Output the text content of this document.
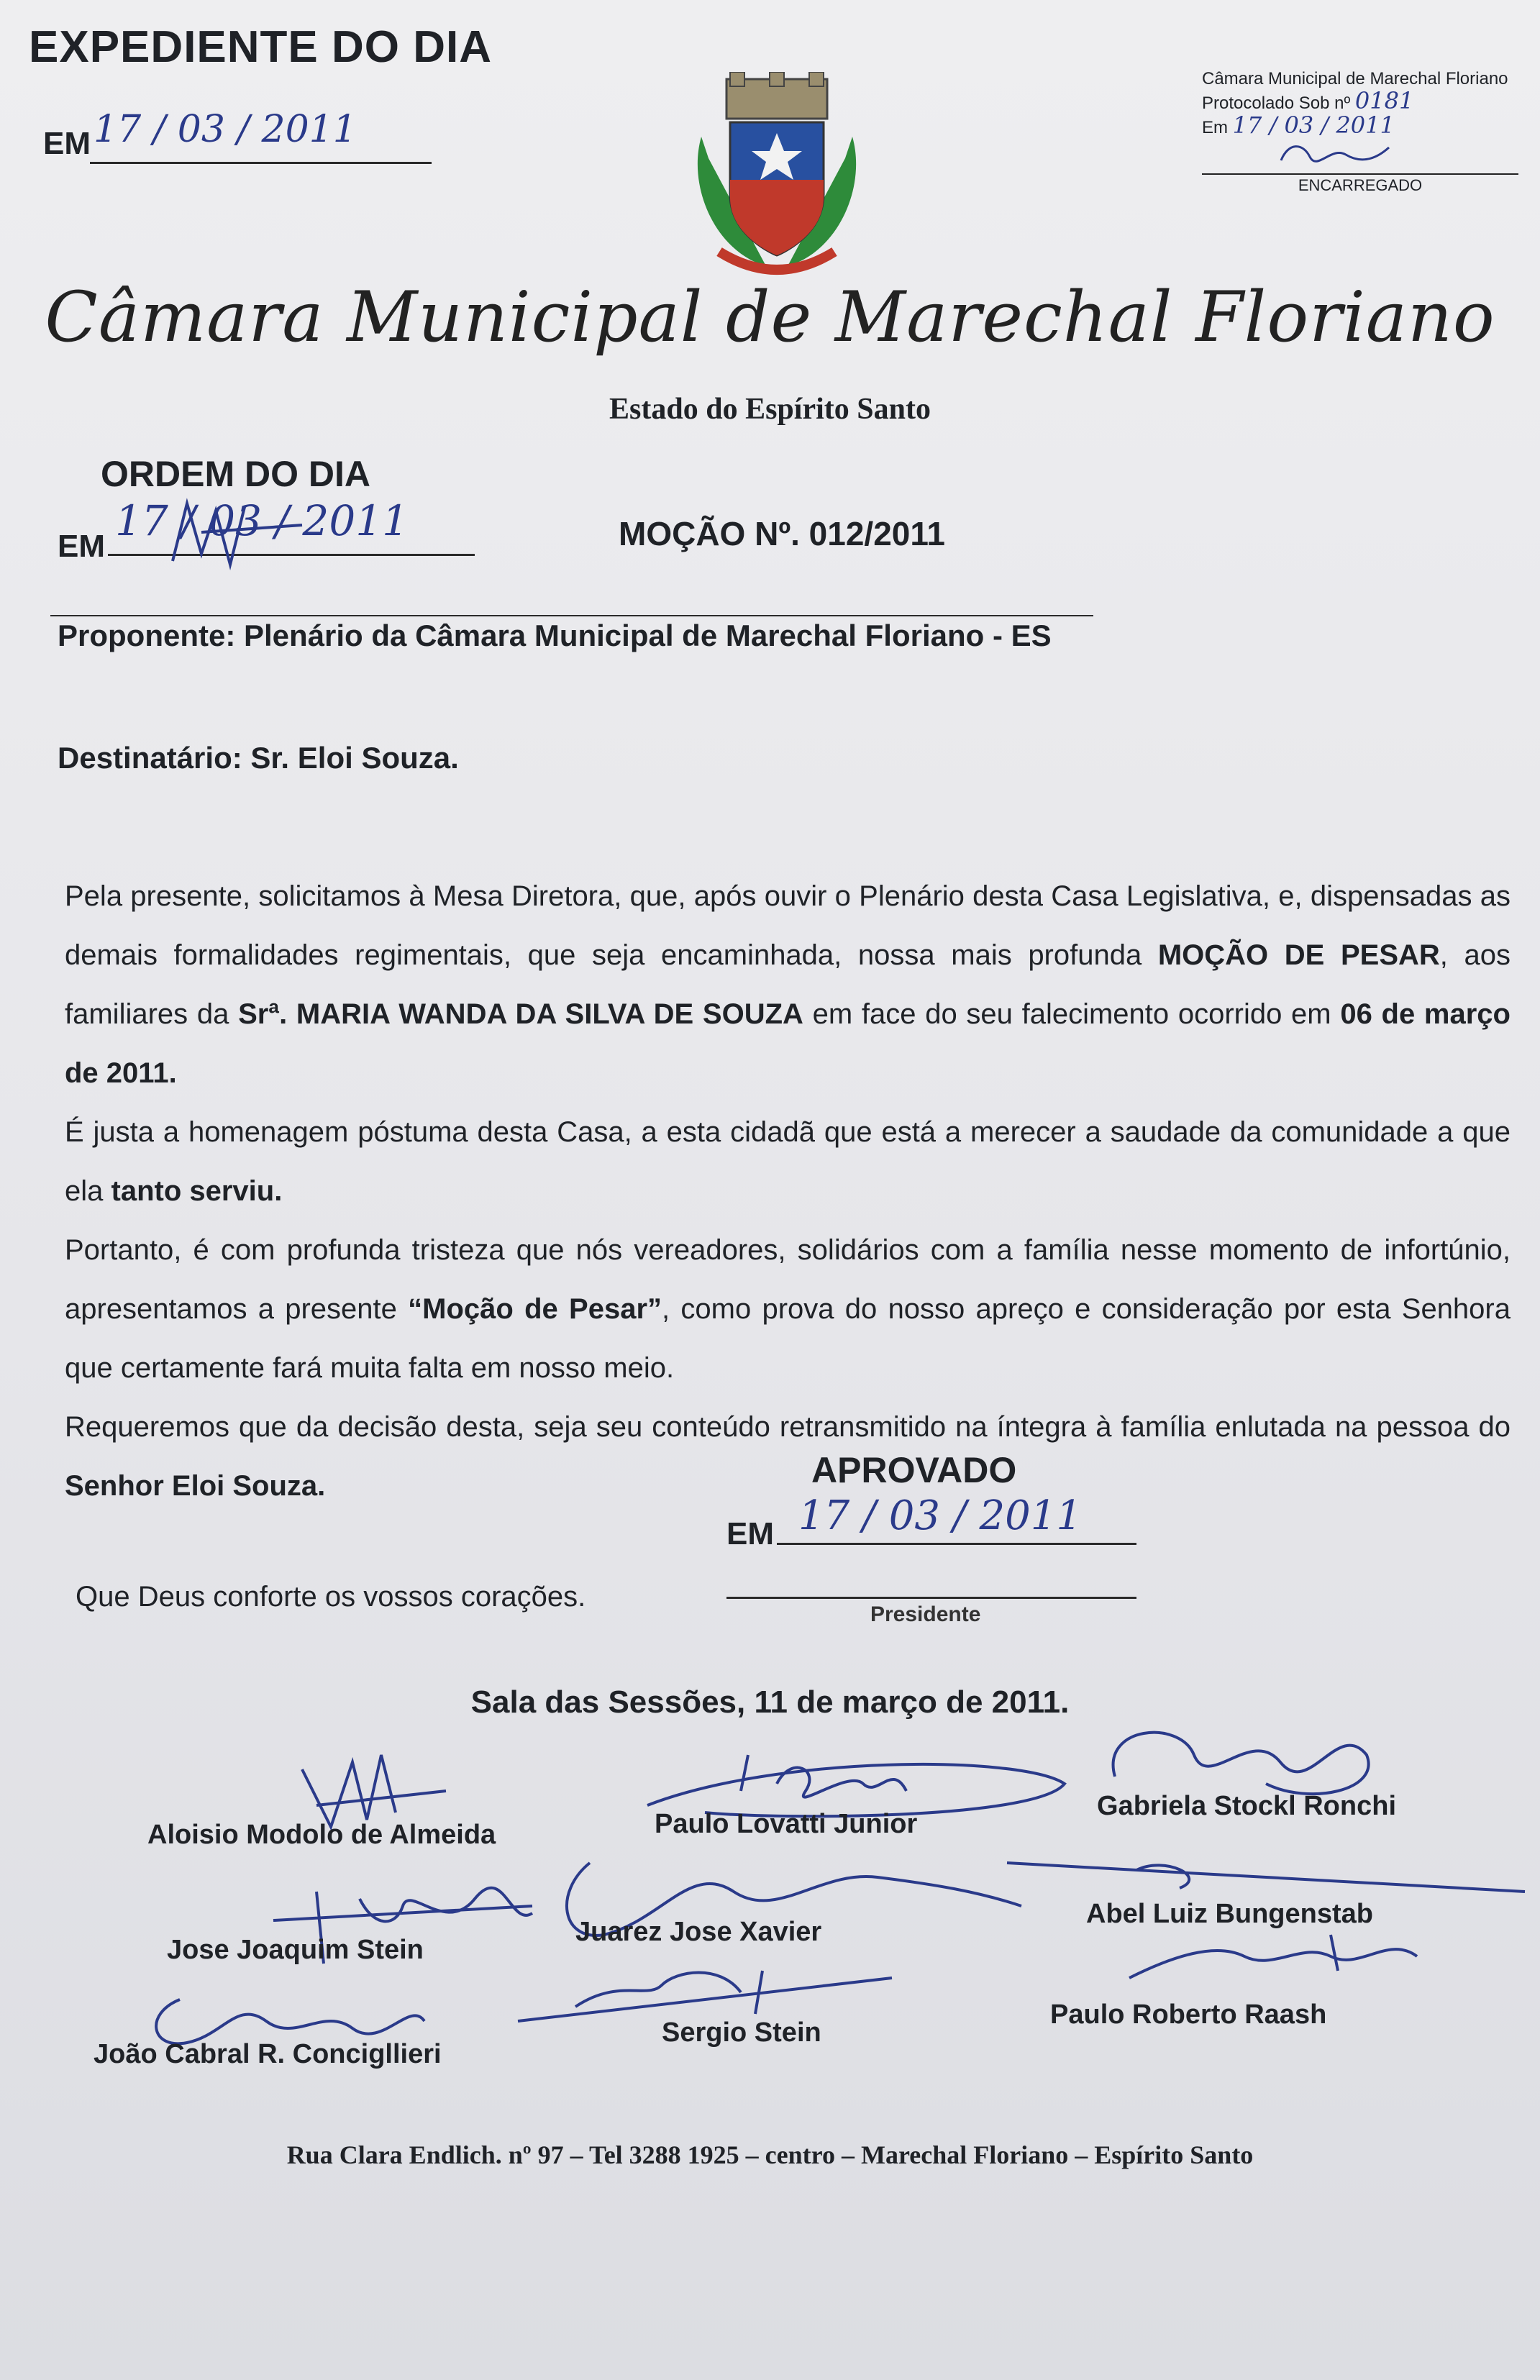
EXPEDIENTE DO DIA
EM 17 / 03 / 2011
Câmara Municipal de Marechal Floriano
Protocolado Sob nº 0181
Em 17 / 03 / 2011
ENCARREGADO
Câmara Municipal de Marechal Floriano
Estado do Espírito Santo
ORDEM DO DIA
EM
17 / 03 / 2011	MOÇÃO Nº. 012/2011
Proponente: Plenário da Câmara Municipal de Marechal Floriano - ES
Destinatário: Sr. Eloi Souza.

Pela presente, solicitamos à Mesa Diretora, que, após ouvir o Plenário desta Casa Legislativa, e, dispensadas as demais formalidades regimentais, que seja encaminhada, nossa mais profunda MOÇÃO DE PESAR, aos familiares da Srª. MARIA WANDA DA SILVA DE SOUZA em face do seu falecimento ocorrido em 06 de março de 2011.

É justa a homenagem póstuma desta Casa, a esta cidadã que está a merecer a saudade da comunidade a que ela tanto serviu.

Portanto, é com profunda tristeza que nós vereadores, solidários com a família nesse momento de infortúnio, apresentamos a presente “Moção de Pesar”, como prova do nosso apreço e consideração por esta Senhora que certamente fará muita falta em nosso meio.

Requeremos que da decisão desta, seja seu conteúdo retransmitido na íntegra à família enlutada na pessoa do Senhor Eloi Souza.	APROVADO
EM 17 / 03 / 2011
Presidente
Que Deus conforte os vossos corações.
Sala das Sessões, 11 de março de 2011.
Aloisio Modolo de Almeida	Paulo Lovatti Junior
Gabriela Stockl Ronchi
Jose Joaquim Stein
Juarez Jose Xavier
Abel Luiz Bungenstab
Paulo Roberto Raash
João Cabral R. Concigllieri
Sergio Stein
Rua Clara Endlich. nº 97 – Tel 3288 1925 – centro – Marechal Floriano – Espírito Santo
